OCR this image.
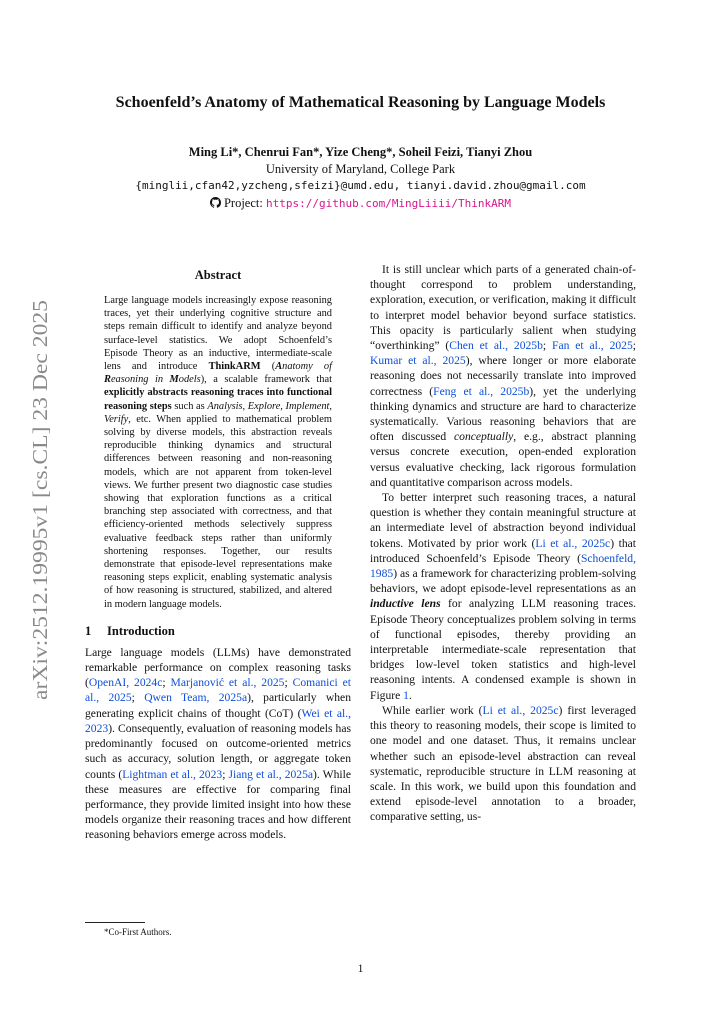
arXiv:2512.19995v1 [cs.CL] 23 Dec 2025
Schoenfeld’s Anatomy of Mathematical Reasoning by Language Models
Ming Li*, Chenrui Fan*, Yize Cheng*, Soheil Feizi, Tianyi Zhou
University of Maryland, College Park
{minglii,cfan42,yzcheng,sfeizi}@umd.edu, tianyi.david.zhou@gmail.com
Project: https://github.com/MingLiiii/ThinkARM
Abstract

Large language models increasingly expose reasoning traces, yet their underlying cognitive structure and steps remain difficult to identify and analyze beyond surface-level statistics. We adopt Schoenfeld’s Episode Theory as an inductive, intermediate-scale lens and introduce ThinkARM (Anatomy of Reasoning in Models), a scalable framework that explicitly abstracts reasoning traces into functional reasoning steps such as Analysis, Explore, Implement, Verify, etc. When applied to mathematical problem solving by diverse models, this abstraction reveals reproducible thinking dynamics and structural differences between reasoning and non-reasoning models, which are not apparent from token-level views. We further present two diagnostic case studies showing that exploration functions as a critical branching step associated with correctness, and that efficiency-oriented methods selectively suppress evaluative feedback steps rather than uniformly shortening responses. Together, our results demonstrate that episode-level representations make reasoning steps explicit, enabling systematic analysis of how reasoning is structured, stabilized, and altered in modern language models.

1 Introduction

Large language models (LLMs) have demonstrated remarkable performance on complex reasoning tasks (OpenAI, 2024c; Marjanović et al., 2025; Comanici et al., 2025; Qwen Team, 2025a), particularly when generating explicit chains of thought (CoT) (Wei et al., 2023). Consequently, evaluation of reasoning models has predominantly focused on outcome-oriented metrics such as accuracy, solution length, or aggregate token counts (Lightman et al., 2023; Jiang et al., 2025a). While these measures are effective for comparing final performance, they provide limited insight into how these models organize their reasoning traces and how different reasoning behaviors emerge across models.

It is still unclear which parts of a generated chain-of-thought correspond to problem understanding, exploration, execution, or verification, making it difficult to interpret model behavior beyond surface statistics. This opacity is particularly salient when studying “overthinking” (Chen et al., 2025b; Fan et al., 2025; Kumar et al., 2025), where longer or more elaborate reasoning does not necessarily translate into improved correctness (Feng et al., 2025b), yet the underlying thinking dynamics and structure are hard to characterize systematically. Various reasoning behaviors that are often discussed conceptually, e.g., abstract planning versus concrete execution, open-ended exploration versus evaluative checking, lack rigorous formulation and quantitative comparison across models.

To better interpret such reasoning traces, a natural question is whether they contain meaningful structure at an intermediate level of abstraction beyond individual tokens. Motivated by prior work (Li et al., 2025c) that introduced Schoenfeld’s Episode Theory (Schoenfeld, 1985) as a framework for characterizing problem-solving behaviors, we adopt episode-level representations as an inductive lens for analyzing LLM reasoning traces. Episode Theory conceptualizes problem solving in terms of functional episodes, thereby providing an interpretable intermediate-scale representation that bridges low-level token statistics and high-level reasoning intents. A condensed example is shown in Figure 1.

While earlier work (Li et al., 2025c) first leveraged this theory to reasoning models, their scope is limited to one model and one dataset. Thus, it remains unclear whether such an episode-level abstraction can reveal systematic, reproducible structure in LLM reasoning at scale. In this work, we build upon this foundation and extend episode-level annotation to a broader, comparative setting, us-

*Co-First Authors.
1
